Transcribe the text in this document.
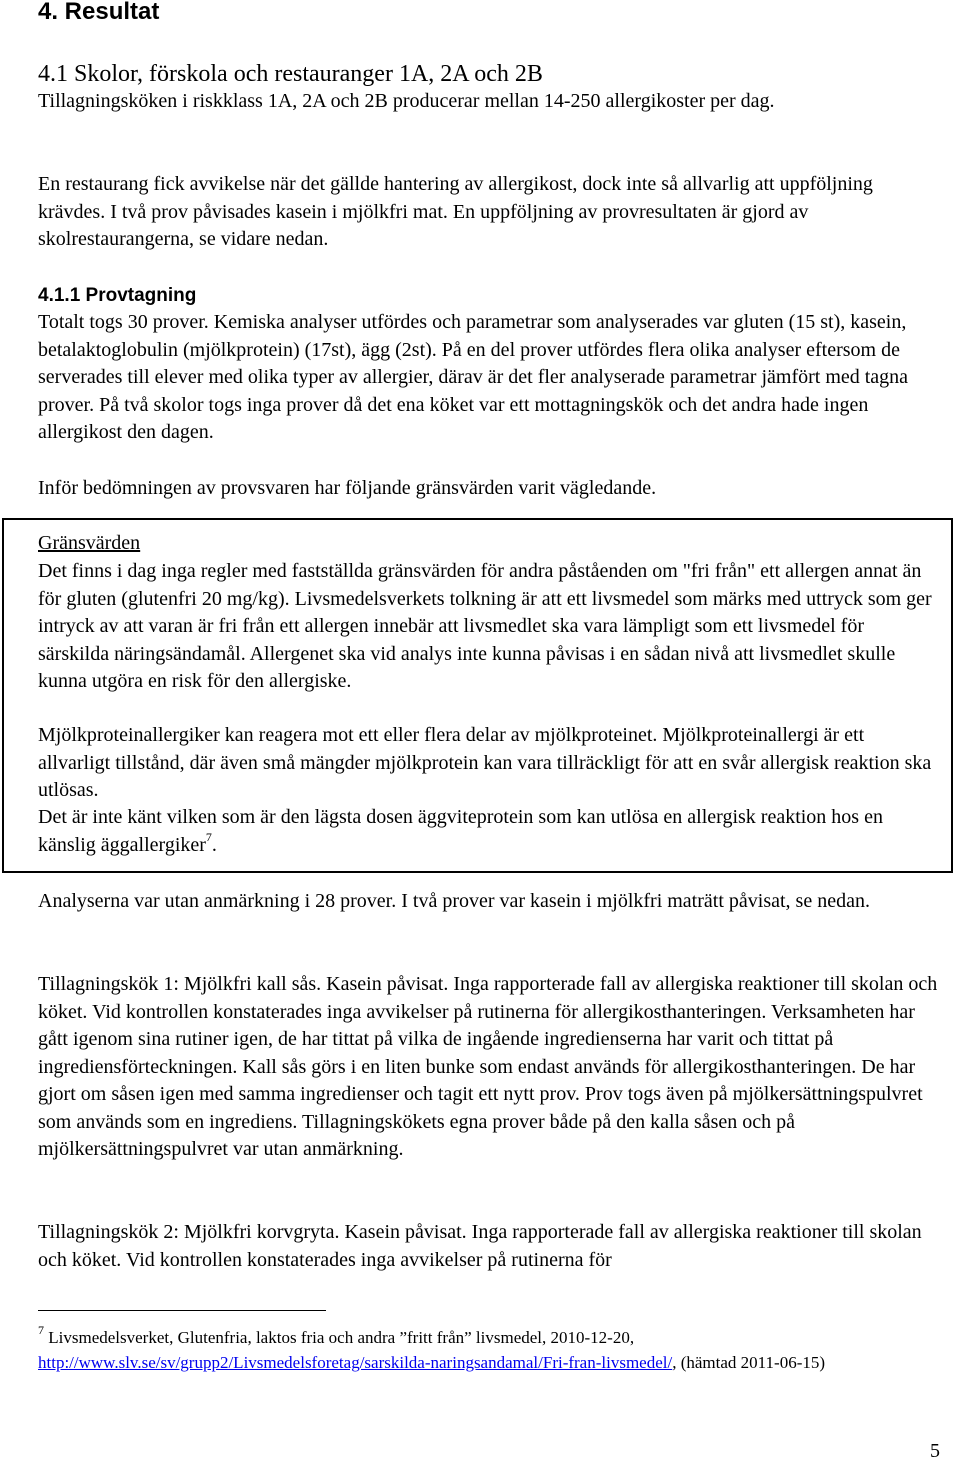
4. Resultat
4.1 Skolor, förskola och restauranger 1A, 2A och 2B

Tillagningsköken i riskklass 1A, 2A och 2B producerar mellan 14-250 allergikoster per dag.

En restaurang fick avvikelse när det gällde hantering av allergikost, dock inte så allvarlig att uppföljning krävdes. I två prov påvisades kasein i mjölkfri mat. En uppföljning av provresultaten är gjord av skolrestaurangerna, se vidare nedan.

4.1.1 Provtagning

Totalt togs 30 prover. Kemiska analyser utfördes och parametrar som analyserades var gluten (15 st), kasein, betalaktoglobulin (mjölkprotein) (17st), ägg (2st). På en del prover utfördes flera olika analyser eftersom de serverades till elever med olika typer av allergier, därav är det fler analyserade parametrar jämfört med tagna prover. På två skolor togs inga prover då det ena köket var ett mottagningskök och det andra hade ingen allergikost den dagen.

Inför bedömningen av provsvaren har följande gränsvärden varit vägledande.

Gränsvärden

Det finns i dag inga regler med fastställda gränsvärden för andra påståenden om "fri från" ett allergen annat än för gluten (glutenfri 20 mg/kg). Livsmedelsverkets tolkning är att ett livsmedel som märks med uttryck som ger intryck av att varan är fri från ett allergen innebär att livsmedlet ska vara lämpligt som ett livsmedel för särskilda näringsändamål. Allergenet ska vid analys inte kunna påvisas i en sådan nivå att livsmedlet skulle kunna utgöra en risk för den allergiske.

Mjölkproteinallergiker kan reagera mot ett eller flera delar av mjölkproteinet. Mjölkproteinallergi är ett allvarligt tillstånd, där även små mängder mjölkprotein kan vara tillräckligt för att en svår allergisk reaktion ska utlösas.

Det är inte känt vilken som är den lägsta dosen äggviteprotein som kan utlösa en allergisk reaktion hos en känslig äggallergiker$^7$.

Analyserna var utan anmärkning i 28 prover. I två prover var kasein i mjölkfri maträtt påvisat, se nedan.

Tillagningskök 1: Mjölkfri kall sås. Kasein påvisat. Inga rapporterade fall av allergiska reaktioner till skolan och köket. Vid kontrollen konstaterades inga avvikelser på rutinerna för allergikosthanteringen. Verksamheten har gått igenom sina rutiner igen, de har tittat på vilka de ingående ingredienserna har varit och tittat på ingrediensförteckningen. Kall sås görs i en liten bunke som endast används för allergikosthanteringen. De har gjort om såsen igen med samma ingredienser och tagit ett nytt prov. Prov togs även på mjölkersättningspulvret som används som en ingrediens. Tillagningskökets egna prover både på den kalla såsen och på mjölkersättningspulvret var utan anmärkning.

Tillagningskök 2: Mjölkfri korvgryta. Kasein påvisat. Inga rapporterade fall av allergiska reaktioner till skolan och köket. Vid kontrollen konstaterades inga avvikelser på rutinerna för

$^7$ Livsmedelsverket, Glutenfria, laktos fria och andra ”fritt från” livsmedel, 2010-12-20, http://www.slv.se/sv/grupp2/Livsmedelsforetag/sarskilda-naringsandamal/Fri-fran-livsmedel/, (hämtad 2011-06-15)

5
